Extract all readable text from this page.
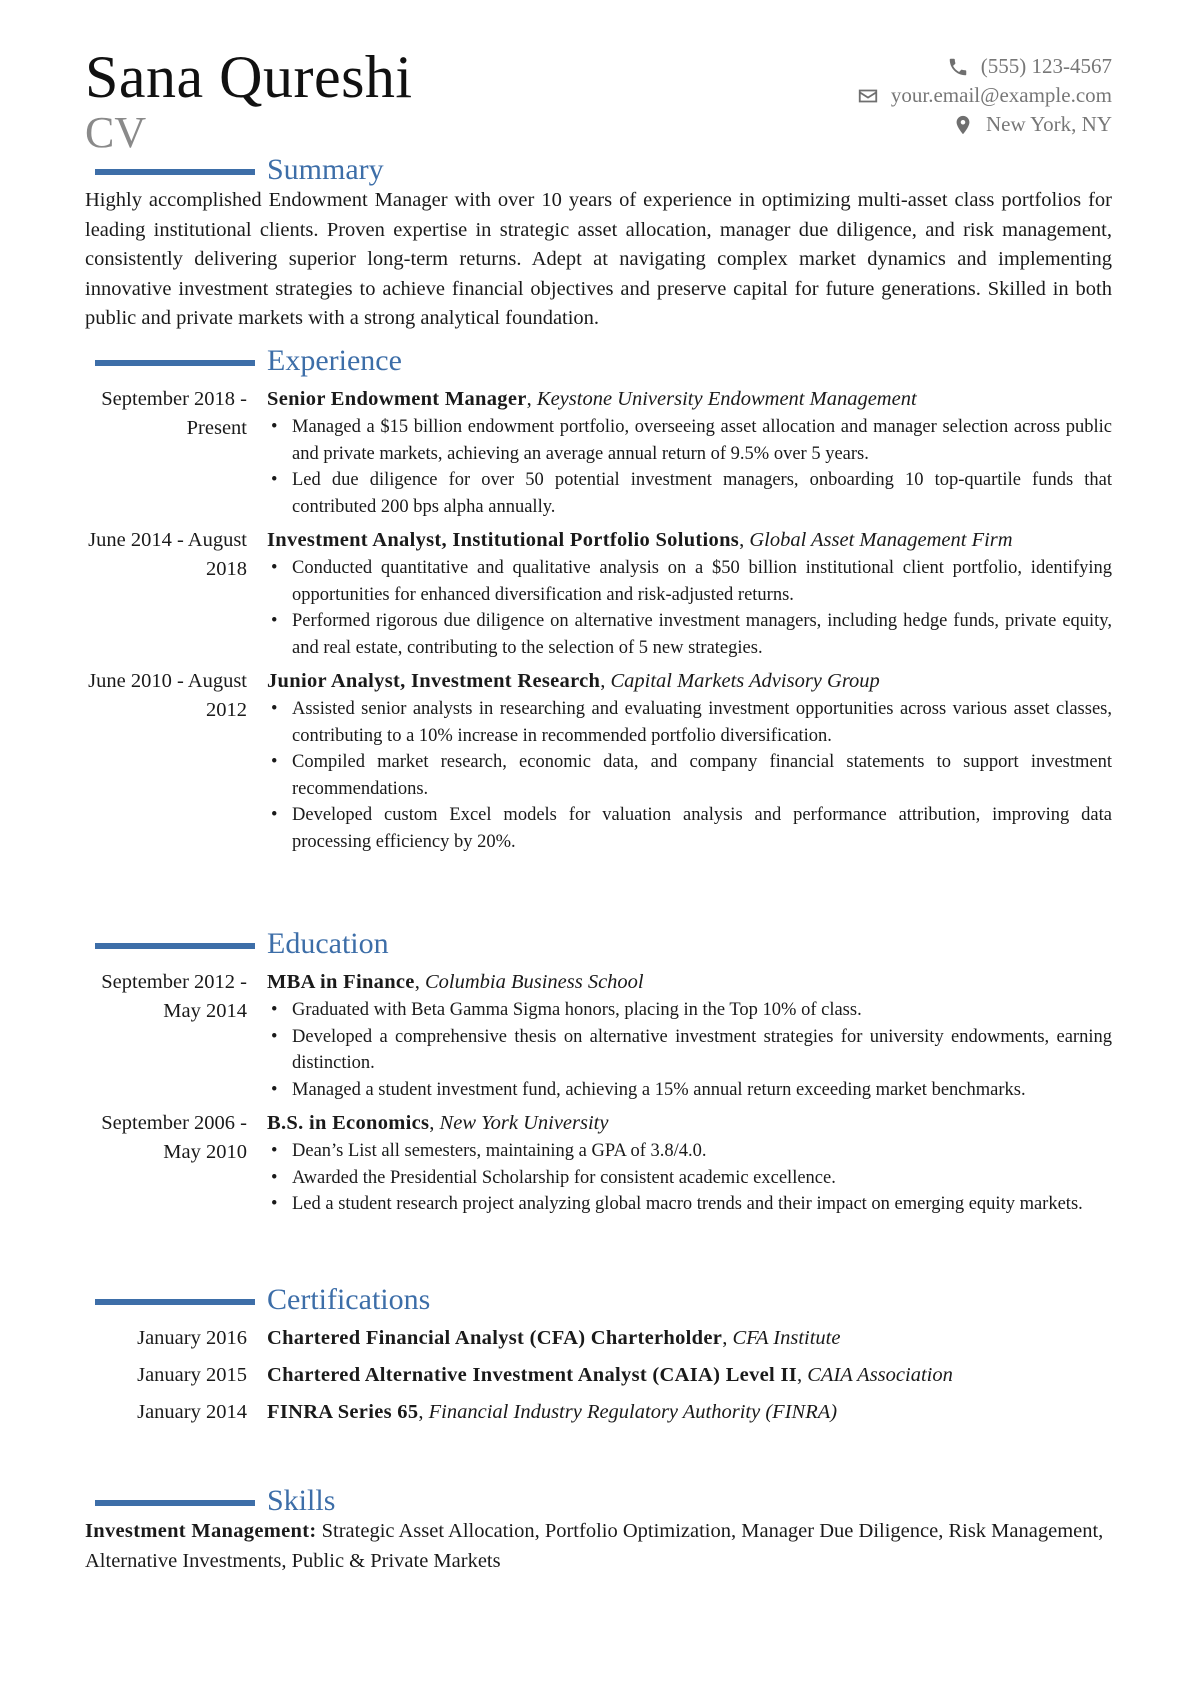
Sana Qureshi
CV
(555) 123-4567
your.email@example.com
New York, NY
Summary
Highly accomplished Endowment Manager with over 10 years of experience in optimizing multi-asset class portfolios for leading institutional clients. Proven expertise in strategic asset allocation, manager due diligence, and risk management, consistently delivering superior long-term returns. Adept at navigating complex market dynamics and implementing innovative investment strategies to achieve financial objectives and preserve capital for future generations. Skilled in both public and private markets with a strong analytical foundation.
Experience
September 2018 - Present
Senior Endowment Manager, Keystone University Endowment Management
• Managed a $15 billion endowment portfolio, overseeing asset allocation and manager selection across public and private markets, achieving an average annual return of 9.5% over 5 years.
• Led due diligence for over 50 potential investment managers, onboarding 10 top-quartile funds that contributed 200 bps alpha annually.
June 2014 - August 2018
Investment Analyst, Institutional Portfolio Solutions, Global Asset Management Firm
• Conducted quantitative and qualitative analysis on a $50 billion institutional client portfolio, identifying opportunities for enhanced diversification and risk-adjusted returns.
• Performed rigorous due diligence on alternative investment managers, including hedge funds, private equity, and real estate, contributing to the selection of 5 new strategies.
June 2010 - August 2012
Junior Analyst, Investment Research, Capital Markets Advisory Group
• Assisted senior analysts in researching and evaluating investment opportunities across various asset classes, contributing to a 10% increase in recommended portfolio diversification.
• Compiled market research, economic data, and company financial statements to support investment recommendations.
• Developed custom Excel models for valuation analysis and performance attribution, improving data processing efficiency by 20%.
Education
September 2012 - May 2014
MBA in Finance, Columbia Business School
• Graduated with Beta Gamma Sigma honors, placing in the Top 10% of class.
• Developed a comprehensive thesis on alternative investment strategies for university endowments, earning distinction.
• Managed a student investment fund, achieving a 15% annual return exceeding market benchmarks.
September 2006 - May 2010
B.S. in Economics, New York University
• Dean’s List all semesters, maintaining a GPA of 3.8/4.0.
• Awarded the Presidential Scholarship for consistent academic excellence.
• Led a student research project analyzing global macro trends and their impact on emerging equity markets.
Certifications
January 2016 Chartered Financial Analyst (CFA) Charterholder, CFA Institute
January 2015 Chartered Alternative Investment Analyst (CAIA) Level II, CAIA Association
January 2014 FINRA Series 65, Financial Industry Regulatory Authority (FINRA)
Skills
Investment Management: Strategic Asset Allocation, Portfolio Optimization, Manager Due Diligence, Risk Management, Alternative Investments, Public & Private Markets
